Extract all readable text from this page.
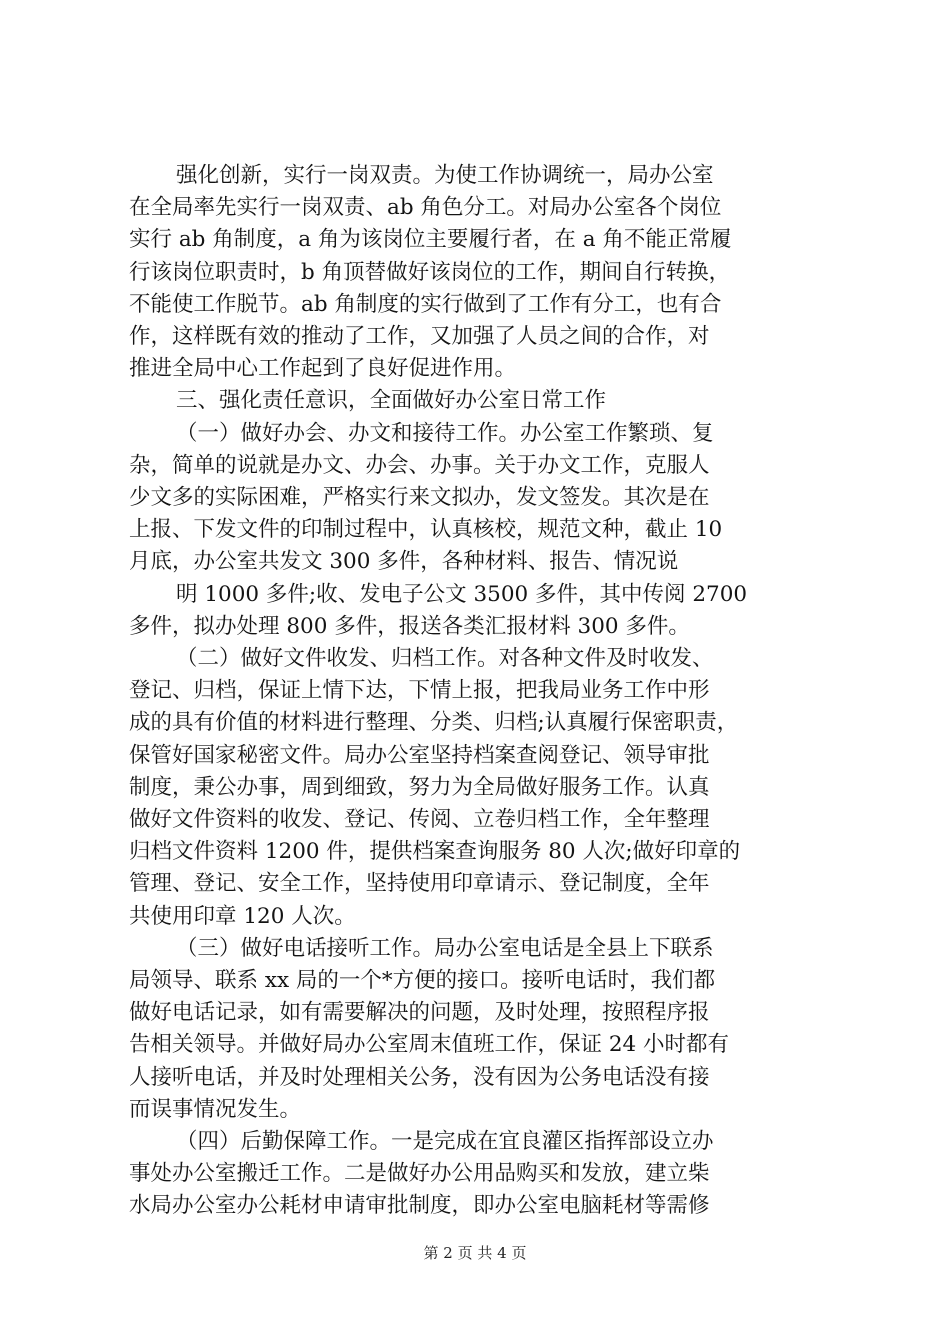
强化创新，实行一岗双责。为使工作协调统一，局办公室
在全局率先实行一岗双责、ab 角色分工。对局办公室各个岗位
实行 ab 角制度，a 角为该岗位主要履行者，在 a 角不能正常履
行该岗位职责时，b 角顶替做好该岗位的工作，期间自行转换，
不能使工作脱节。ab 角制度的实行做到了工作有分工，也有合
作，这样既有效的推动了工作，又加强了人员之间的合作，对
推进全局中心工作起到了良好促进作用。
三、强化责任意识，全面做好办公室日常工作
（一）做好办会、办文和接待工作。办公室工作繁琐、复
杂，简单的说就是办文、办会、办事。关于办文工作，克服人
少文多的实际困难，严格实行来文拟办，发文签发。其次是在
上报、下发文件的印制过程中，认真核校，规范文种，截止 10
月底，办公室共发文 300 多件，各种材料、报告、情况说
明 1000 多件;收、发电子公文 3500 多件，其中传阅 2700
多件，拟办处理 800 多件，报送各类汇报材料 300 多件。
（二）做好文件收发、归档工作。对各种文件及时收发、
登记、归档，保证上情下达，下情上报，把我局业务工作中形
成的具有价值的材料进行整理、分类、归档;认真履行保密职责，
保管好国家秘密文件。局办公室坚持档案查阅登记、领导审批
制度，秉公办事，周到细致，努力为全局做好服务工作。认真
做好文件资料的收发、登记、传阅、立卷归档工作，全年整理
归档文件资料 1200 件，提供档案查询服务 80 人次;做好印章的
管理、登记、安全工作，坚持使用印章请示、登记制度，全年
共使用印章 120 人次。
（三）做好电话接听工作。局办公室电话是全县上下联系
局领导、联系 xx 局的一个*方便的接口。接听电话时，我们都
做好电话记录，如有需要解决的问题，及时处理，按照程序报
告相关领导。并做好局办公室周末值班工作，保证 24 小时都有
人接听电话，并及时处理相关公务，没有因为公务电话没有接
而误事情况发生。
（四）后勤保障工作。一是完成在宜良灌区指挥部设立办
事处办公室搬迁工作。二是做好办公用品购买和发放，建立柴
水局办公室办公耗材申请审批制度，即办公室电脑耗材等需修
第 2 页 共 4 页
